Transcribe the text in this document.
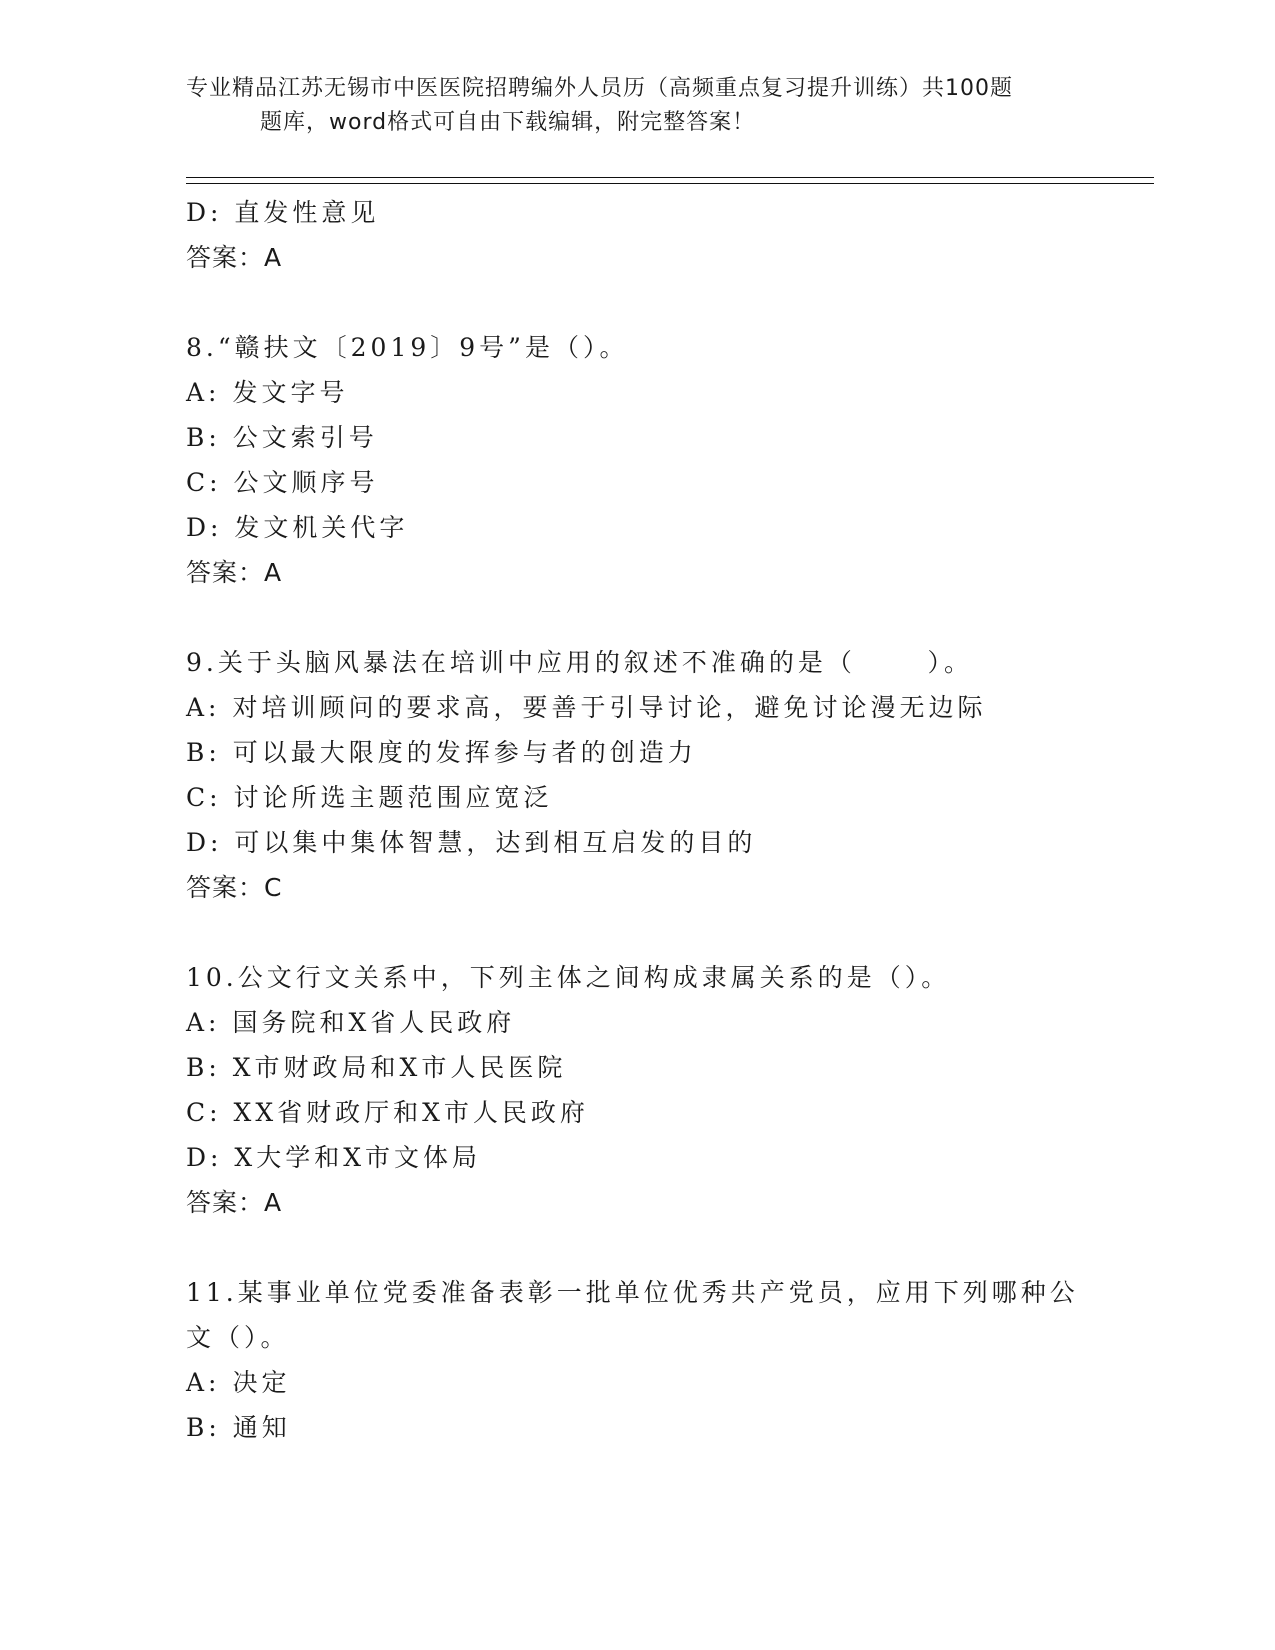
专业精品江苏无锡市中医医院招聘编外人员历（高频重点复习提升训练）共100题
题库，word格式可自由下载编辑，附完整答案！
D: 直发性意见
答案：A
8.“赣扶文〔2019〕9号”是（）。
A: 发文字号
B: 公文索引号
C: 公文顺序号
D: 发文机关代字
答案：A
9.关于头脑风暴法在培训中应用的叙述不准确的是（      ）。
A: 对培训顾问的要求高，要善于引导讨论，避免讨论漫无边际
B: 可以最大限度的发挥参与者的创造力
C: 讨论所选主题范围应宽泛
D: 可以集中集体智慧，达到相互启发的目的
答案：C
10.公文行文关系中，下列主体之间构成隶属关系的是（）。
A: 国务院和X省人民政府
B: X市财政局和X市人民医院
C: XX省财政厅和X市人民政府
D: X大学和X市文体局
答案：A
11.某事业单位党委准备表彰一批单位优秀共产党员，应用下列哪种公
文（）。
A: 决定
B: 通知
